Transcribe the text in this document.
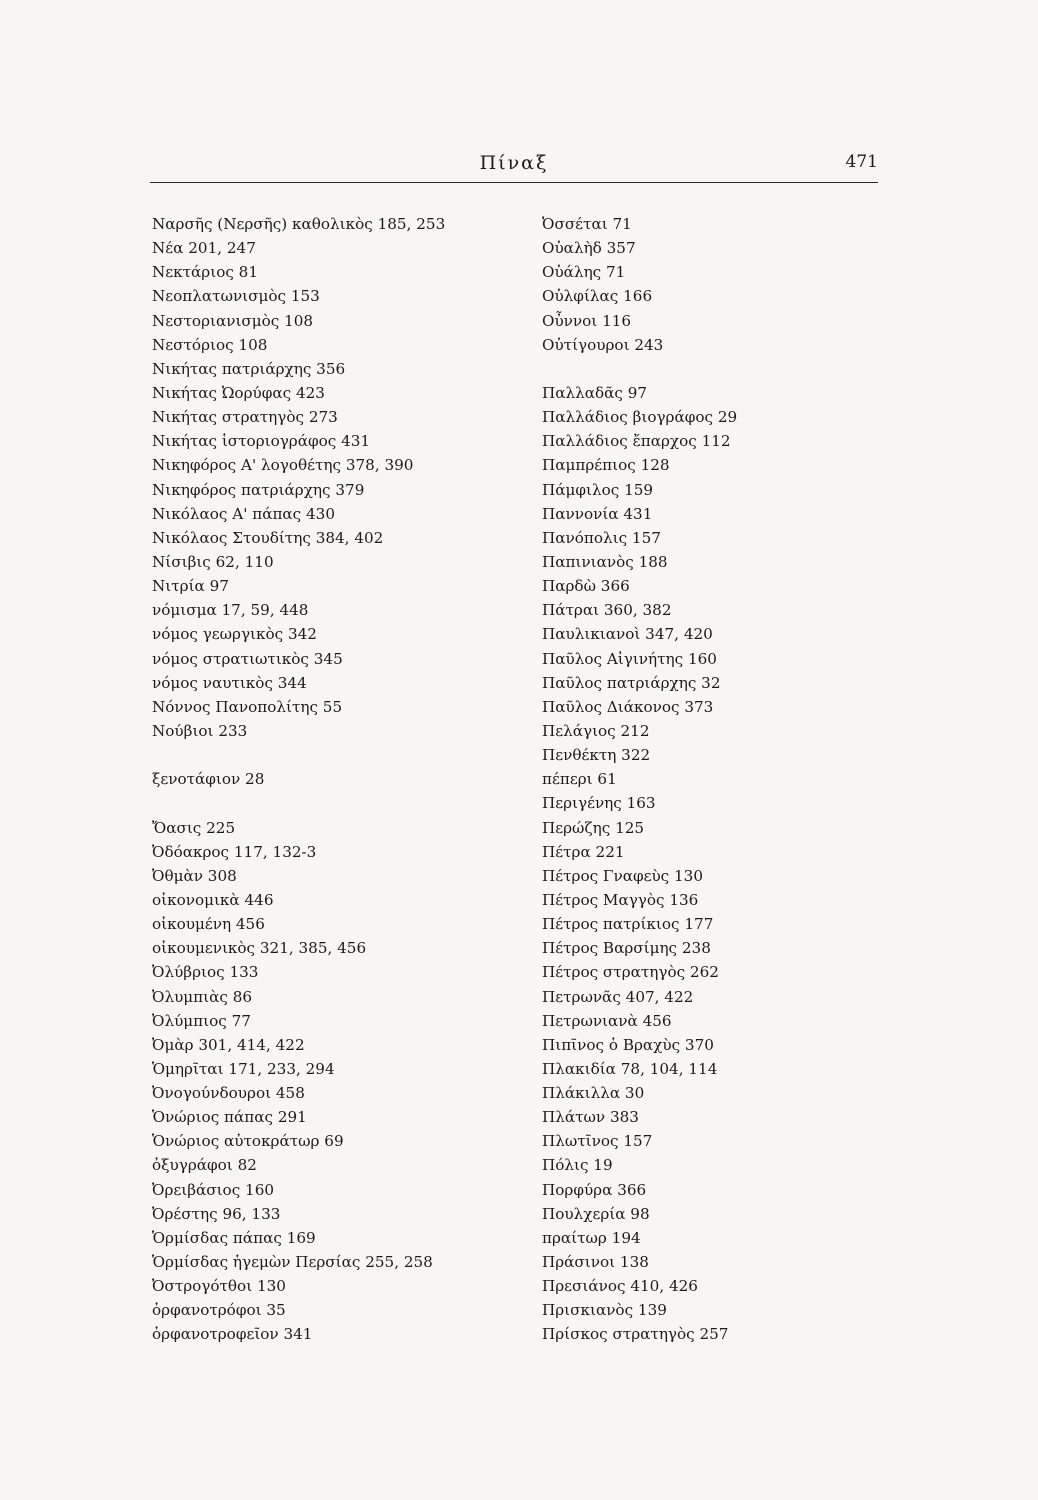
Πίναξ	471
Ναρσῆς (Νερσῆς) καθολικὸς 185, 253
Νέα 201, 247
Νεκτάριος 81
Νεοπλατωνισμὸς 153
Νεστοριανισμὸς 108
Νεστόριος 108
Νικήτας πατριάρχης 356
Νικήτας Ὠορύφας 423
Νικήτας στρατηγὸς 273
Νικήτας ἱστοριογράφος 431
Νικηφόρος Α' λογοθέτης 378, 390
Νικηφόρος πατριάρχης 379
Νικόλαος Α' πάπας 430
Νικόλαος Στουδίτης 384, 402
Νίσιβις 62, 110
Νιτρία 97
νόμισμα 17, 59, 448
νόμος γεωργικὸς 342
νόμος στρατιωτικὸς 345
νόμος ναυτικὸς 344
Νόννος Πανοπολίτης 55
Νούβιοι 233
ξενοτάφιον 28
Ὄασις 225
Ὀδόακρος 117, 132-3
Ὀθμὰν 308
οἰκονομικὰ 446
οἰκουμένη 456
οἰκουμενικὸς 321, 385, 456
Ὀλύβριος 133
Ὀλυμπιὰς 86
Ὀλύμπιος 77
Ὀμὰρ 301, 414, 422
Ὁμηρῖται 171, 233, 294
Ὀνογούνδουροι 458
Ὁνώριος πάπας 291
Ὁνώριος αὐτοκράτωρ 69
ὀξυγράφοι 82
Ὀρειβάσιος 160
Ὀρέστης 96, 133
Ὁρμίσδας πάπας 169
Ὁρμίσδας ἡγεμὼν Περσίας 255, 258
Ὀστρογότθοι 130
ὀρφανοτρόφοι 35
ὀρφανοτροφεῖον 341
Ὀσσέται 71
Οὐαλὴδ 357
Οὐάλης 71
Οὐλφίλας 166
Οὖννοι 116
Οὐτίγουροι 243
Παλλαδᾶς 97
Παλλάδιος βιογράφος 29
Παλλάδιος ἔπαρχος 112
Παμπρέπιος 128
Πάμφιλος 159
Παννονία 431
Πανόπολις 157
Παπινιανὸς 188
Παρδὼ 366
Πάτραι 360, 382
Παυλικιανοὶ 347, 420
Παῦλος Αἰγινήτης 160
Παῦλος πατριάρχης 32
Παῦλος Διάκονος 373
Πελάγιος 212
Πενθέκτη 322
πέπερι 61
Περιγένης 163
Περώζης 125
Πέτρα 221
Πέτρος Γναφεὺς 130
Πέτρος Μαγγὸς 136
Πέτρος πατρίκιος 177
Πέτρος Βαρσίμης 238
Πέτρος στρατηγὸς 262
Πετρωνᾶς 407, 422
Πετρωνιανὰ 456
Πιπῖνος ὁ Βραχὺς 370
Πλακιδία 78, 104, 114
Πλάκιλλα 30
Πλάτων 383
Πλωτῖνος 157
Πόλις 19
Πορφύρα 366
Πουλχερία 98
πραίτωρ 194
Πράσινοι 138
Πρεσιάνος 410, 426
Πρισκιανὸς 139
Πρίσκος στρατηγὸς 257
